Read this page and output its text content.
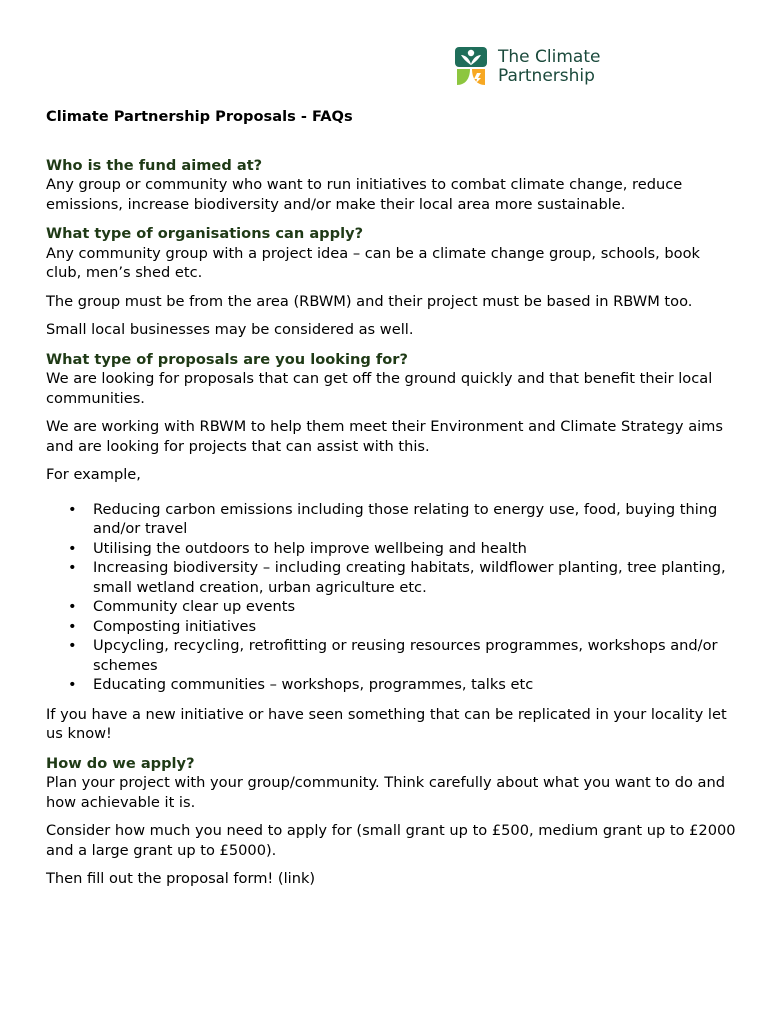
The Climate
Partnership
Climate Partnership Proposals - FAQs
Who is the fund aimed at?
Any group or community who want to run initiatives to combat climate change, reduce emissions, increase biodiversity and/or make their local area more sustainable.
What type of organisations can apply?
Any community group with a project idea – can be a climate change group, schools, book club, men’s shed etc.
The group must be from the area (RBWM) and their project must be based in RBWM too.
Small local businesses may be considered as well.
What type of proposals are you looking for?
We are looking for proposals that can get off the ground quickly and that benefit their local communities.
We are working with RBWM to help them meet their Environment and Climate Strategy aims and are looking for projects that can assist with this.
For example,
• Reducing carbon emissions including those relating to energy use, food, buying thing and/or travel
• Utilising the outdoors to help improve wellbeing and health
• Increasing biodiversity – including creating habitats, wildflower planting, tree planting, small wetland creation, urban agriculture etc.
• Community clear up events
• Composting initiatives
• Upcycling, recycling, retrofitting or reusing resources programmes, workshops and/or schemes
• Educating communities – workshops, programmes, talks etc
If you have a new initiative or have seen something that can be replicated in your locality let us know!
How do we apply?
Plan your project with your group/community. Think carefully about what you want to do and how achievable it is.
Consider how much you need to apply for (small grant up to £500, medium grant up to £2000 and a large grant up to £5000).
Then fill out the proposal form! (link)
